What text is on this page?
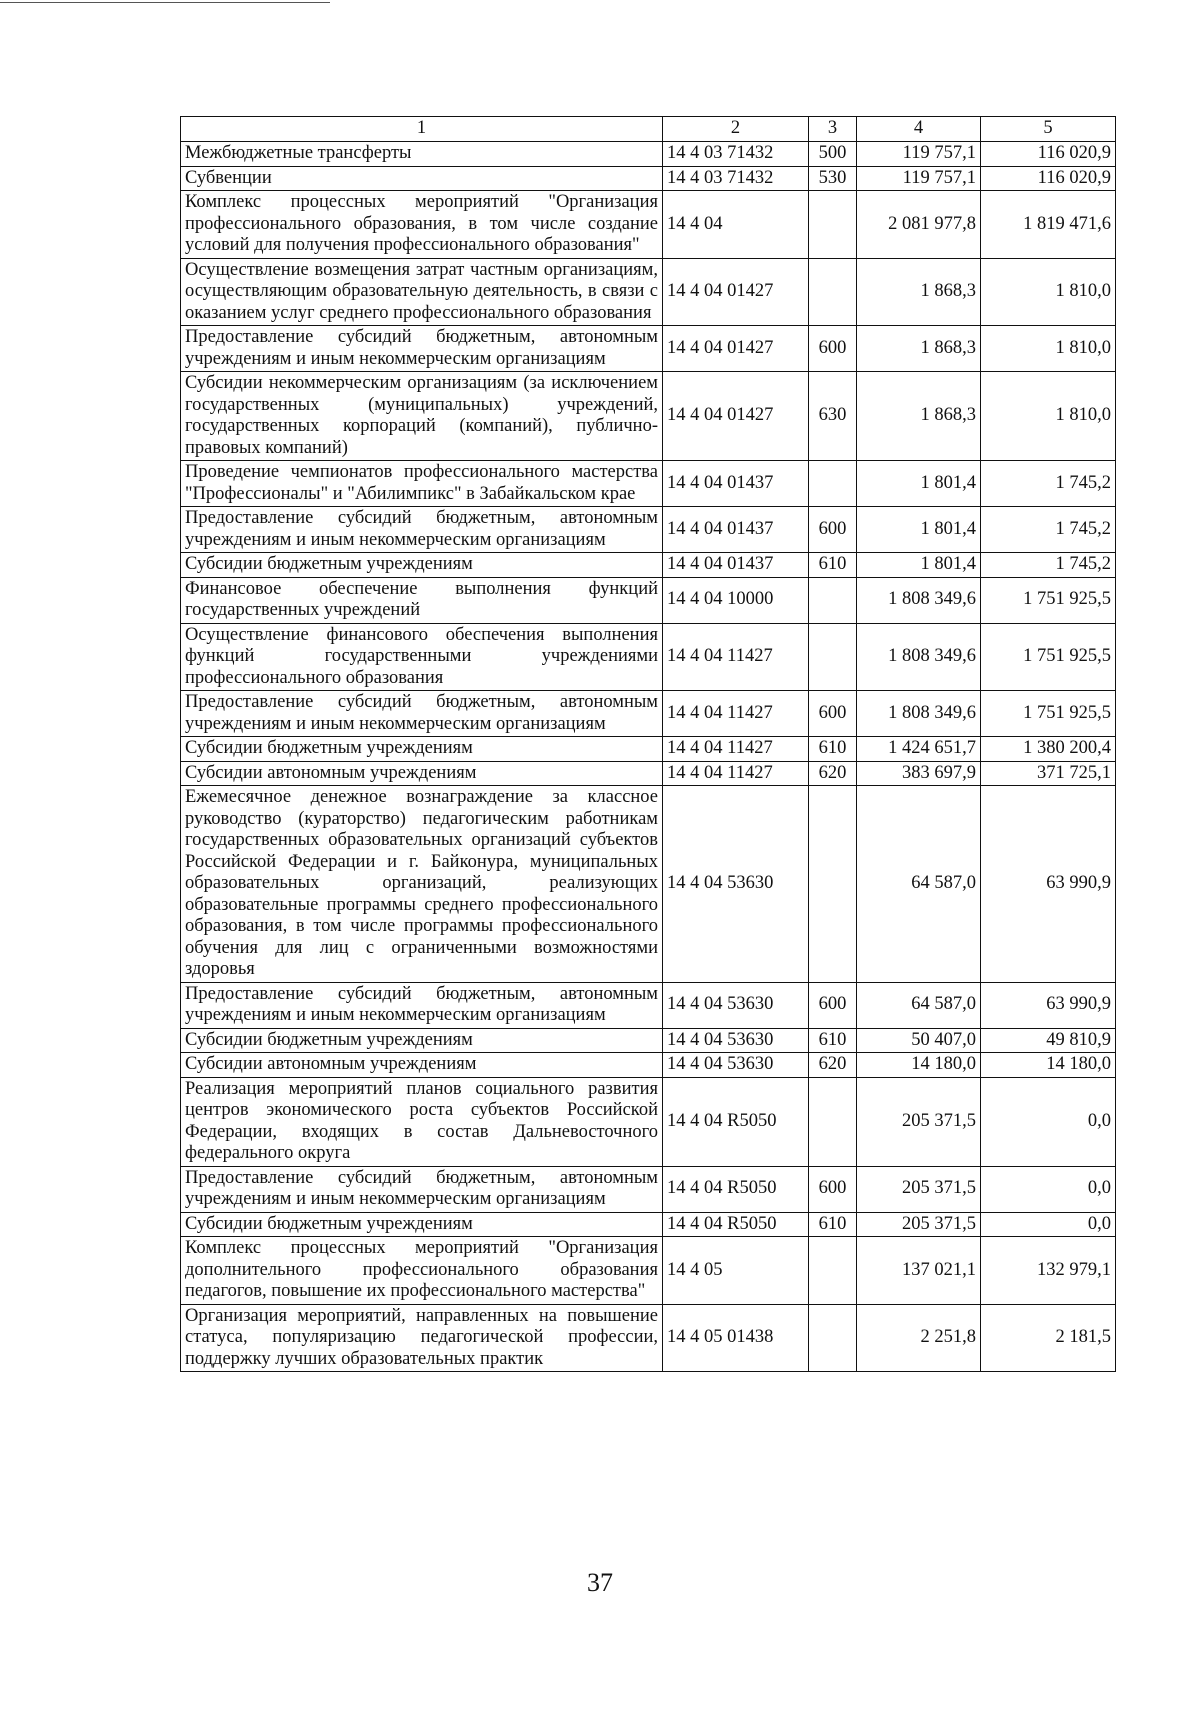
1	2	3	4	5
Межбюджетные трансферты	14 4 03 71432	500	119 757,1	116 020,9
Субвенции	14 4 03 71432	530	119 757,1	116 020,9
Комплекс процессных мероприятий "Организация профессионального образования, в том числе создание условий для получения профессионального образования"	14 4 04		2 081 977,8	1 819 471,6
Осуществление возмещения затрат частным организациям, осуществляющим образовательную деятельность, в связи с оказанием услуг среднего профессионального образования	14 4 04 01427		1 868,3	1 810,0
Предоставление субсидий бюджетным, автономным учреждениям и иным некоммерческим организациям	14 4 04 01427	600	1 868,3	1 810,0
Субсидии некоммерческим организациям (за исключением государственных (муниципальных) учреждений, государственных корпораций (компаний), публично-правовых компаний)	14 4 04 01427	630	1 868,3	1 810,0
Проведение чемпионатов профессионального мастерства "Профессионалы" и "Абилимпикс" в Забайкальском крае	14 4 04 01437		1 801,4	1 745,2
Предоставление субсидий бюджетным, автономным учреждениям и иным некоммерческим организациям	14 4 04 01437	600	1 801,4	1 745,2
Субсидии бюджетным учреждениям	14 4 04 01437	610	1 801,4	1 745,2
Финансовое обеспечение выполнения функций государственных учреждений	14 4 04 10000		1 808 349,6	1 751 925,5
Осуществление финансового обеспечения выполнения функций государственными учреждениями профессионального образования	14 4 04 11427		1 808 349,6	1 751 925,5
Предоставление субсидий бюджетным, автономным учреждениям и иным некоммерческим организациям	14 4 04 11427	600	1 808 349,6	1 751 925,5
Субсидии бюджетным учреждениям	14 4 04 11427	610	1 424 651,7	1 380 200,4
Субсидии автономным учреждениям	14 4 04 11427	620	383 697,9	371 725,1
Ежемесячное денежное вознаграждение за классное руководство (кураторство) педагогическим работникам государственных образовательных организаций субъектов Российской Федерации и г. Байконура, муниципальных образовательных организаций, реализующих образовательные программы среднего профессионального образования, в том числе программы профессионального обучения для лиц с ограниченными возможностями здоровья	14 4 04 53630		64 587,0	63 990,9
Предоставление субсидий бюджетным, автономным учреждениям и иным некоммерческим организациям	14 4 04 53630	600	64 587,0	63 990,9
Субсидии бюджетным учреждениям	14 4 04 53630	610	50 407,0	49 810,9
Субсидии автономным учреждениям	14 4 04 53630	620	14 180,0	14 180,0
Реализация мероприятий планов социального развития центров экономического роста субъектов Российской Федерации, входящих в состав Дальневосточного федерального округа	14 4 04 R5050		205 371,5	0,0
Предоставление субсидий бюджетным, автономным учреждениям и иным некоммерческим организациям	14 4 04 R5050	600	205 371,5	0,0
Субсидии бюджетным учреждениям	14 4 04 R5050	610	205 371,5	0,0
Комплекс процессных мероприятий "Организация дополнительного профессионального образования педагогов, повышение их профессионального мастерства"	14 4 05		137 021,1	132 979,1
Организация мероприятий, направленных на повышение статуса, популяризацию педагогической профессии, поддержку лучших образовательных практик	14 4 05 01438		2 251,8	2 181,5
37
